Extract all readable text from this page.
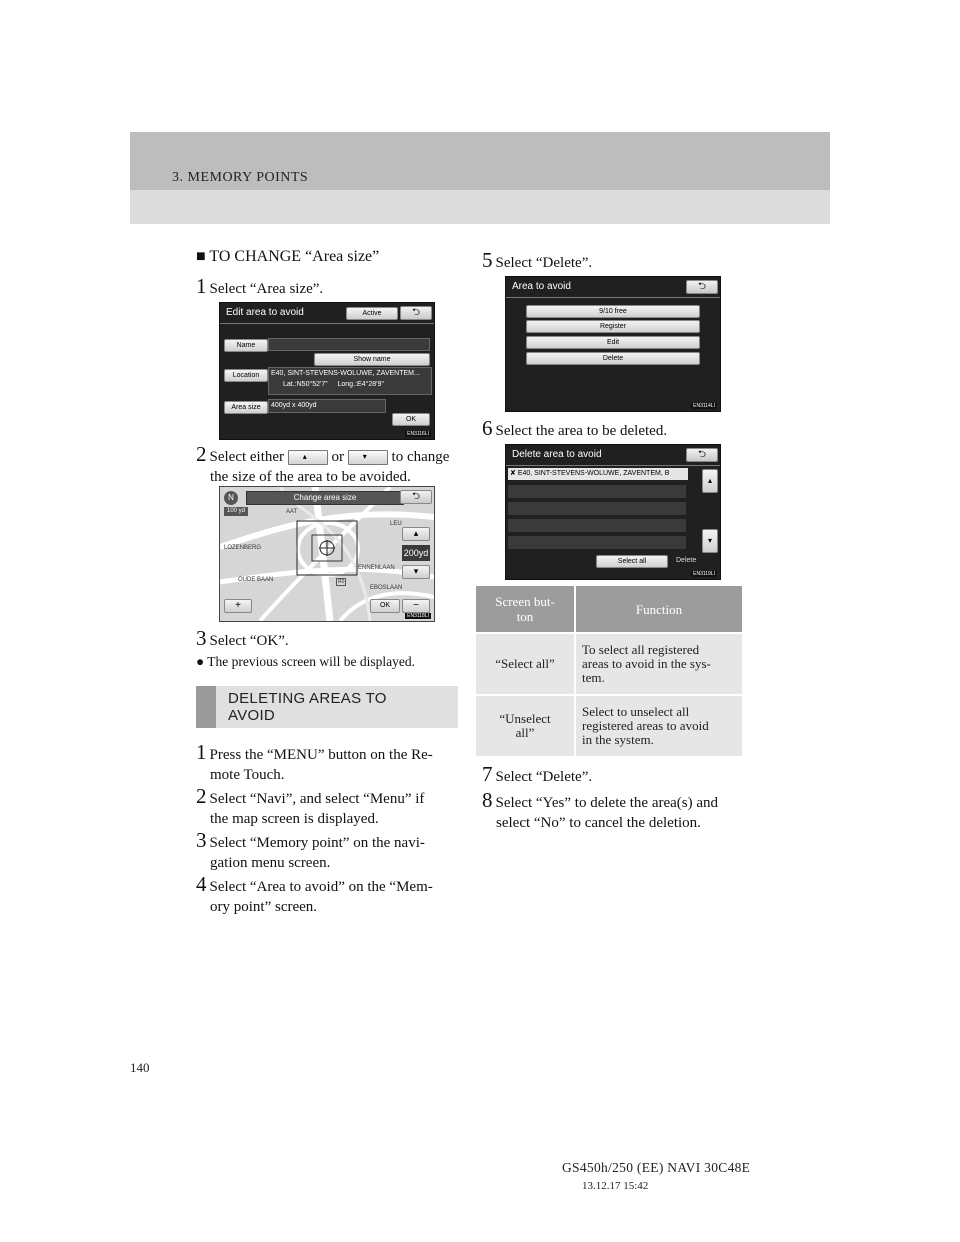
3. MEMORY POINTS
■ TO CHANGE “Area size”
1 Select “Area size”.
Edit area to avoid	Active	⮌
Name
Show name
Location	E40, SINT-STEVENS-WOLUWE, ZAVENTEM...
Lat.:N50°52'7" Long.:E4°28'9"
Area size	400yd x 400yd
OK
EN3116LI
2 Select either ▴ or ▾ to change
the size of the area to be avoided.
Change area size
N
100 yd
⮌
▴
200yd
▾
+	OK	−
LOZENBERG
OUDE BAAN
LEU
ENNENLAAN
EBOSLAAN
R0
AAT
EN3118LI
3 Select “OK”.
● The previous screen will be displayed.
DELETING AREAS TO
AVOID
1 Press the “MENU” button on the Re-
mote Touch.
2 Select “Navi”, and select “Menu” if
the map screen is displayed.
3 Select “Memory point” on the navi-
gation menu screen.
4 Select “Area to avoid” on the “Mem-
ory point” screen.
5 Select “Delete”.
Area to avoid	⮌
9/10 free
Register
Edit
Delete
EN3114LI
6 Select the area to be deleted.
Delete area to avoid	⮌
✘ E40, SINT-STEVENS-WOLUWE, ZAVENTEM, B
▴
▾
Select all	Delete
EN3119LI
Screen but-
ton	Function
“Select all”	To select all registered
areas to avoid in the sys-
tem.
“Unselect
all”	Select to unselect all
registered areas to avoid
in the system.
7 Select “Delete”.
8 Select “Yes” to delete the area(s) and
select “No” to cancel the deletion.
140
GS450h/250 (EE) NAVI 30C48E
13.12.17 15:42
